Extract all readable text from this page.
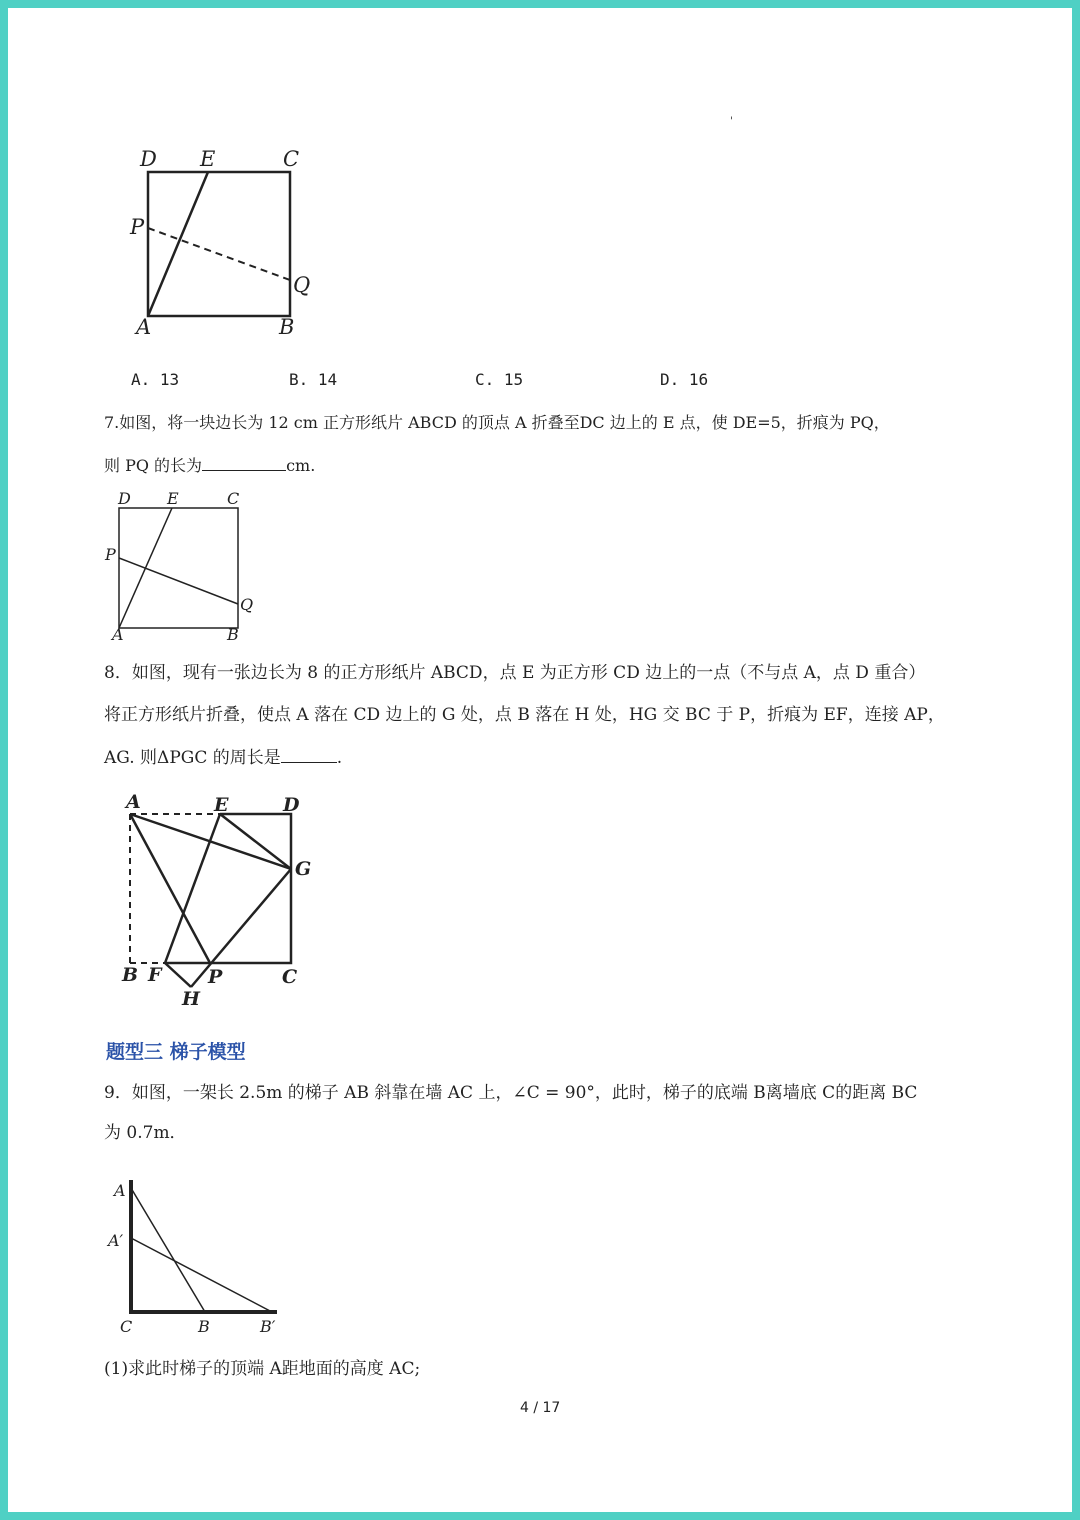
'
D E	C
P
Q
A	B
A. 13	B. 14	C. 15	D. 16
7.如图，将一块边长为 12 cm 正方形纸片 ABCD 的顶点 A 折叠至DC 边上的 E 点，使 DE=5，折痕为 PQ，
则 PQ 的长为	cm.
D E	C
P
Q
A	B
8．如图，现有一张边长为 8 的正方形纸片 ABCD，点 E 为正方形 CD 边上的一点（不与点 A，点 D 重合）
将正方形纸片折叠，使点 A 落在 CD 边上的 G 处，点 B 落在 H 处，HG 交 BC 于 P，折痕为 EF，连接 AP，
AG. 则ΔPGC 的周长是	.
A	E	D
G
B F P	C
H
题型三 梯子模型
9．如图，一架长 2.5m 的梯子 AB 斜靠在墙 AC 上，∠C = 90°，此时，梯子的底端 B离墙底 C的距离 BC
为 0.7m．
A
A′
C	B	B′
(1)求此时梯子的顶端 A距地面的高度 AC;
4 / 17
